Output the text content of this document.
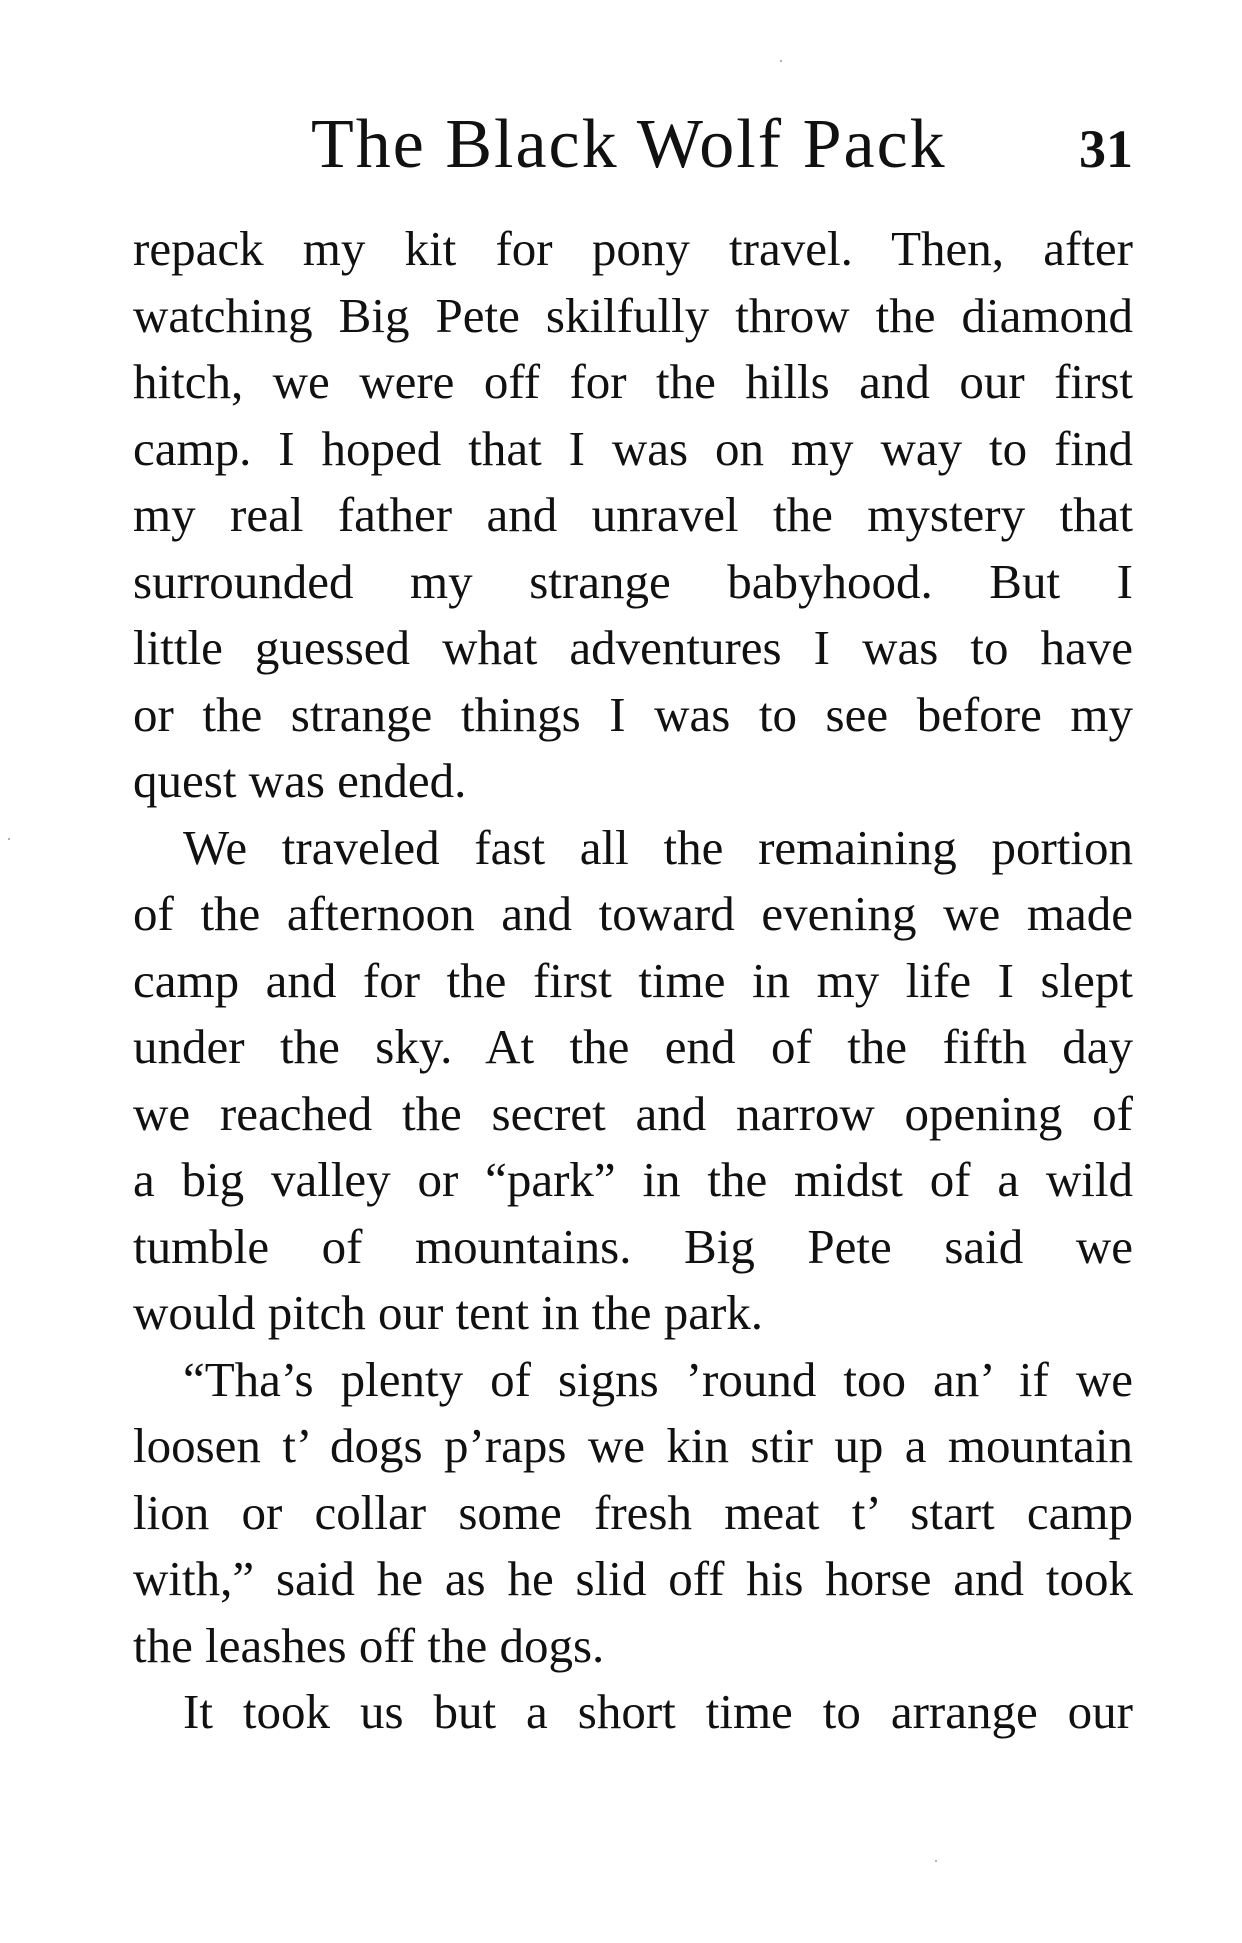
The Black Wolf Pack 31
repack my kit for pony travel. Then, after
watching Big Pete skilfully throw the diamond
hitch, we were off for the hills and our first
camp. I hoped that I was on my way to find
my real father and unravel the mystery that
surrounded my strange babyhood. But I
little guessed what adventures I was to have
or the strange things I was to see before my
quest was ended.
We traveled fast all the remaining portion
of the afternoon and toward evening we made
camp and for the first time in my life I slept
under the sky. At the end of the fifth day
we reached the secret and narrow opening of
a big valley or “park” in the midst of a wild
tumble of mountains. Big Pete said we
would pitch our tent in the park.
“Tha’s plenty of signs ’round too an’ if we
loosen t’ dogs p’raps we kin stir up a mountain
lion or collar some fresh meat t’ start camp
with,” said he as he slid off his horse and took
the leashes off the dogs.
It took us but a short time to arrange our
